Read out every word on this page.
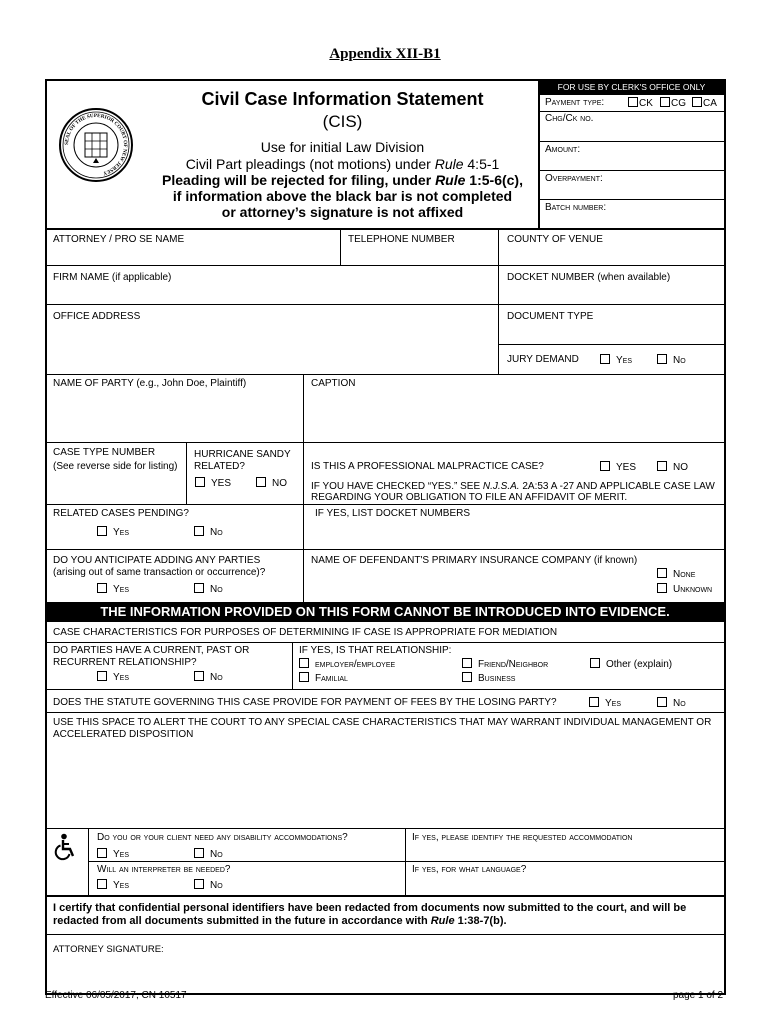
Appendix XII-B1
SEAL OF THE SUPERIOR COURT OF NEW JERSEY
Civil Case Information Statement
(CIS)
Use for initial Law Division
Civil Part pleadings (not motions) under Rule 4:5-1
Pleading will be rejected for filing, under Rule 1:5-6(c),
if information above the black bar is not completed
or attorney’s signature is not affixed
FOR USE BY CLERK'S OFFICE ONLY
Payment type:	CK	CG	CA
Chg/Ck no.
Amount:
Overpayment:
Batch number:
ATTORNEY / PRO SE NAME	TELEPHONE NUMBER	COUNTY OF VENUE
FIRM NAME (if applicable)	DOCKET NUMBER (when available)
OFFICE ADDRESS	DOCUMENT TYPE
JURY DEMAND	Yes	No
NAME OF PARTY (e.g., John Doe, Plaintiff)	CAPTION
CASE TYPE NUMBER
(See reverse side for listing)
HURRICANE SANDY
RELATED?
YES	NO
IS THIS A PROFESSIONAL MALPRACTICE CASE?	YES	NO
IF YOU HAVE CHECKED “YES.” SEE N.J.S.A. 2A:53 A -27 AND APPLICABLE CASE LAW
REGARDING YOUR OBLIGATION TO FILE AN AFFIDAVIT OF MERIT.
RELATED CASES PENDING?
Yes	No
IF YES, LIST DOCKET NUMBERS
DO YOU ANTICIPATE ADDING ANY PARTIES
(arising out of same transaction or occurrence)?
Yes	No
NAME OF DEFENDANT'S PRIMARY INSURANCE COMPANY (if known)
None
Unknown
THE INFORMATION PROVIDED ON THIS FORM CANNOT BE INTRODUCED INTO EVIDENCE.
CASE CHARACTERISTICS FOR PURPOSES OF DETERMINING IF CASE IS APPROPRIATE FOR MEDIATION
DO PARTIES HAVE A CURRENT, PAST OR
RECURRENT RELATIONSHIP?
Yes	No
IF YES, IS THAT RELATIONSHIP:
employer/employee	Friend/Neighbor	Other (explain)
Familial	Business
DOES THE STATUTE GOVERNING THIS CASE PROVIDE FOR PAYMENT OF FEES BY THE LOSING PARTY?	Yes	No
USE THIS SPACE TO ALERT THE COURT TO ANY SPECIAL CASE CHARACTERISTICS THAT MAY WARRANT INDIVIDUAL MANAGEMENT OR
ACCELERATED DISPOSITION
Do you or your client need any disability accommodations?
Yes	No
If yes, please identify the requested accommodation
Will an interpreter be needed?
Yes	No
If yes, for what language?
I certify that confidential personal identifiers have been redacted from documents now submitted to the court, and will be
redacted from all documents submitted in the future in accordance with Rule 1:38-7(b).
ATTORNEY SIGNATURE:
Effective 06/05/2017, CN 10517	page 1 of 2
